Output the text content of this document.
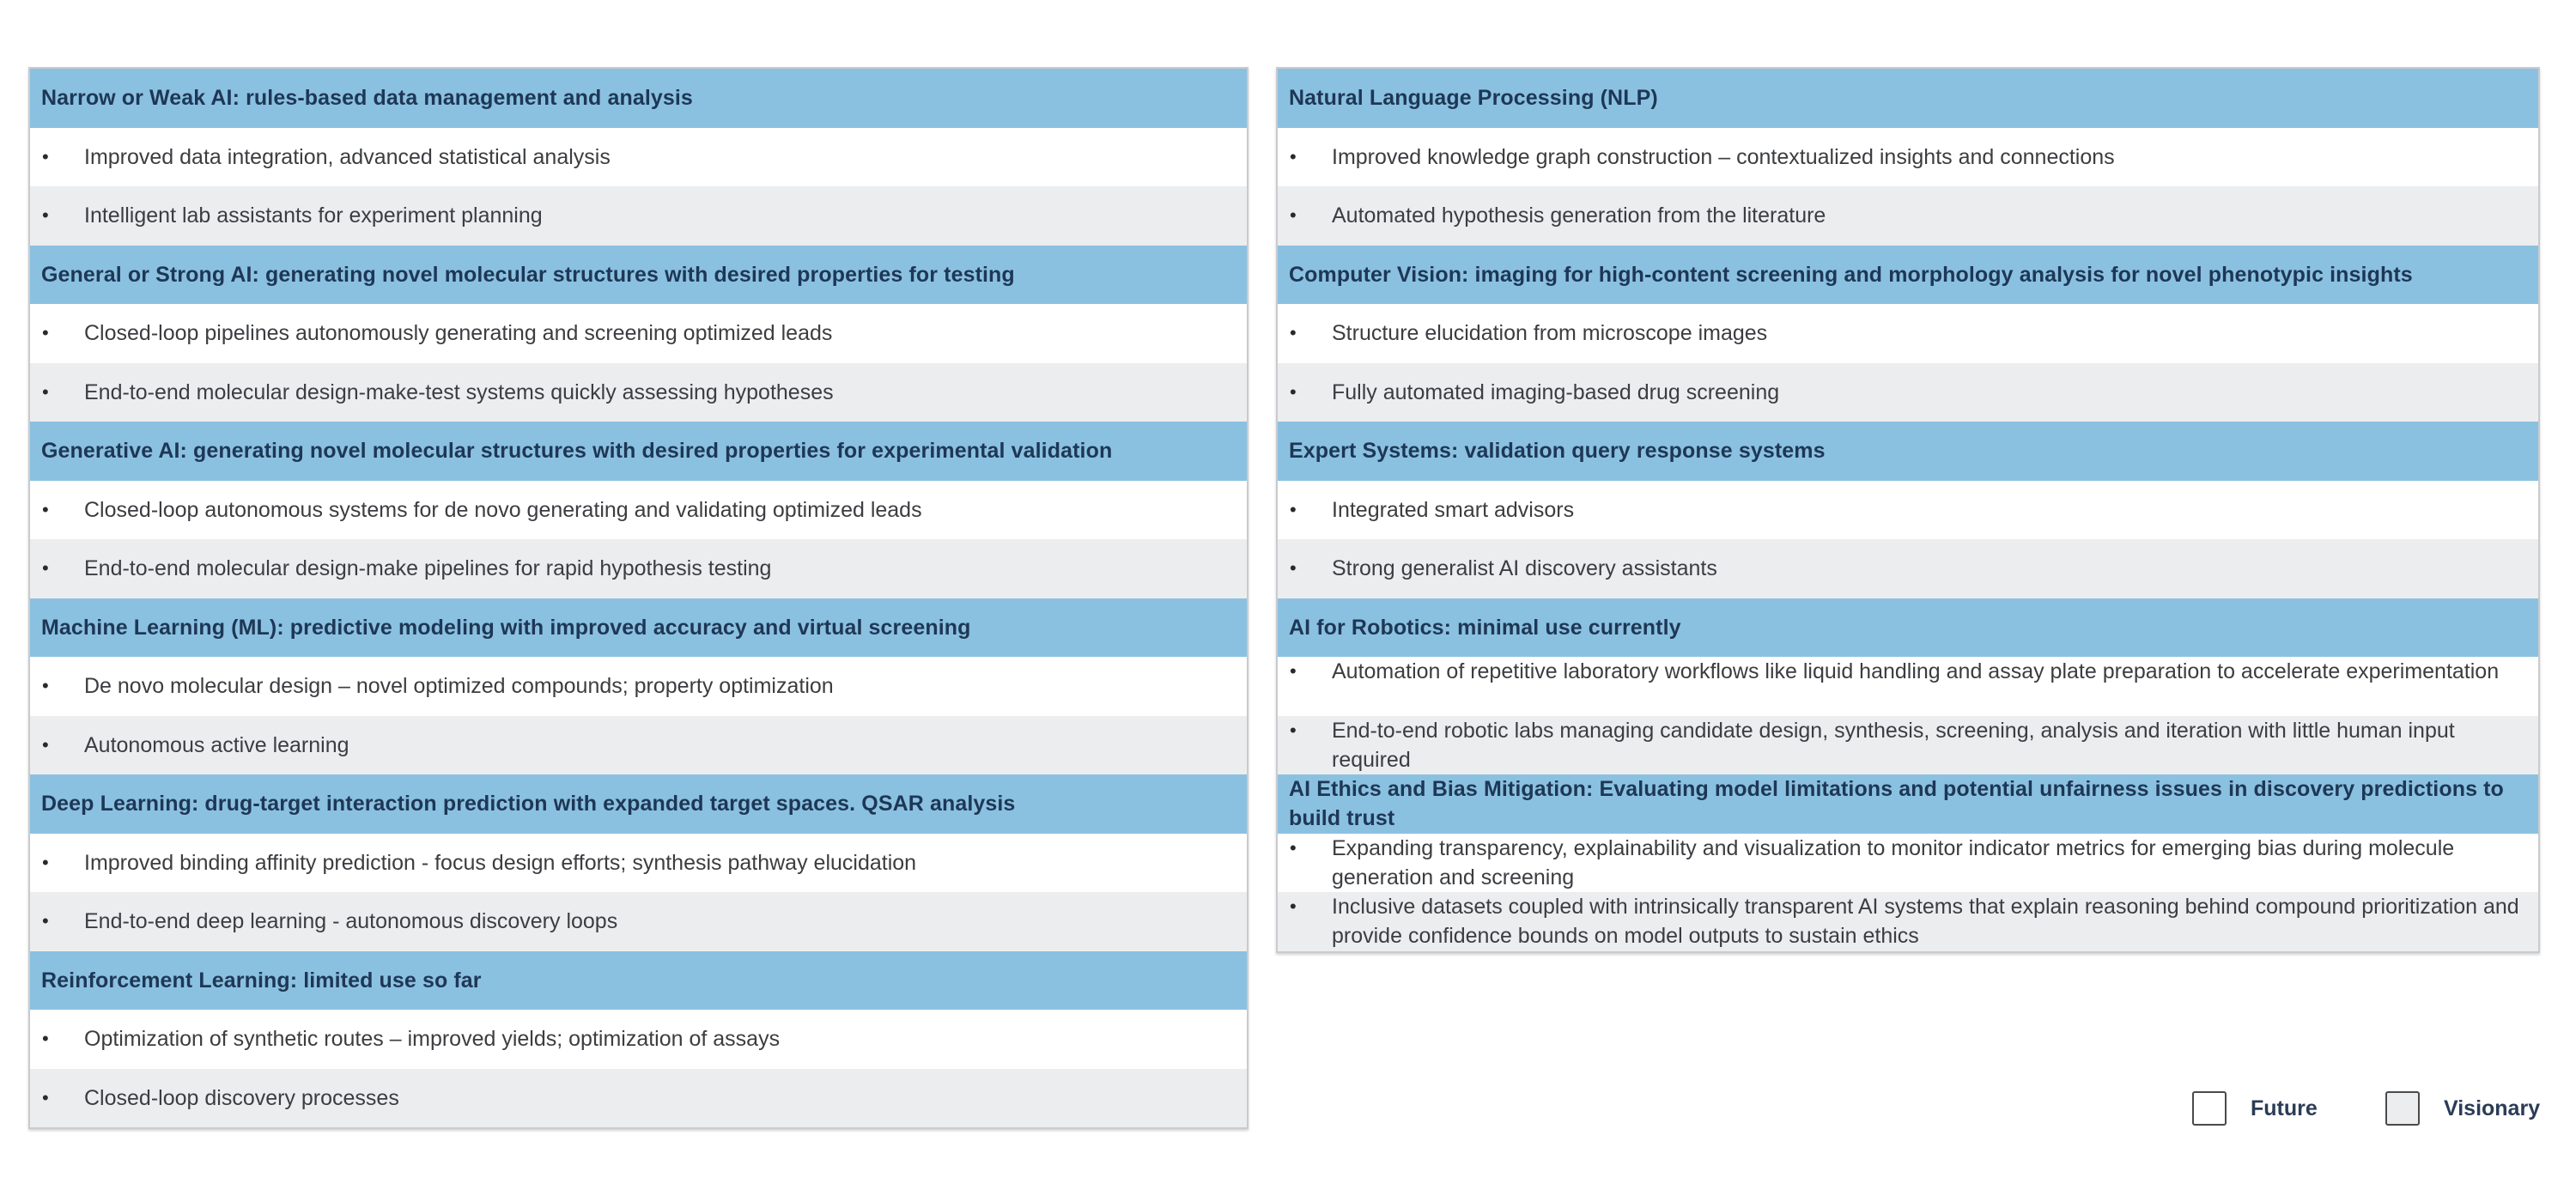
Narrow or Weak AI: rules-based data management and analysis
•	Improved data integration, advanced statistical analysis
•	Intelligent lab assistants for experiment planning
General or Strong AI: generating novel molecular structures with desired properties for testing
•	Closed-loop pipelines autonomously generating and screening optimized leads
•	End-to-end molecular design-make-test systems quickly assessing hypotheses
Generative AI: generating novel molecular structures with desired properties for experimental validation
•	Closed-loop autonomous systems for de novo generating and validating optimized leads
•	End-to-end molecular design-make pipelines for rapid hypothesis testing
Machine Learning (ML): predictive modeling with improved accuracy and virtual screening
•	De novo molecular design – novel optimized compounds; property optimization
•	Autonomous active learning
Deep Learning: drug-target interaction prediction with expanded target spaces. QSAR analysis
•	Improved binding affinity prediction - focus design efforts; synthesis pathway elucidation
•	End-to-end deep learning - autonomous discovery loops
Reinforcement Learning: limited use so far
•	Optimization of synthetic routes – improved yields; optimization of assays
•	Closed-loop discovery processes
Natural Language Processing (NLP)
•	Improved knowledge graph construction – contextualized insights and connections
•	Automated hypothesis generation from the literature
Computer Vision: imaging for high-content screening and morphology analysis for novel phenotypic insights
•	Structure elucidation from microscope images
•	Fully automated imaging-based drug screening
Expert Systems: validation query response systems
•	Integrated smart advisors
•	Strong generalist AI discovery assistants
AI for Robotics: minimal use currently
•	Automation of repetitive laboratory workflows like liquid handling and assay plate preparation to accelerate experimentation
•	End-to-end robotic labs managing candidate design, synthesis, screening, analysis and iteration with little human input required
AI Ethics and Bias Mitigation: Evaluating model limitations and potential unfairness issues in discovery predictions to build trust
•	Expanding transparency, explainability and visualization to monitor indicator metrics for emerging bias during molecule generation and screening
•	Inclusive datasets coupled with intrinsically transparent AI systems that explain reasoning behind compound prioritization and provide confidence bounds on model outputs to sustain ethics
Future	Visionary
